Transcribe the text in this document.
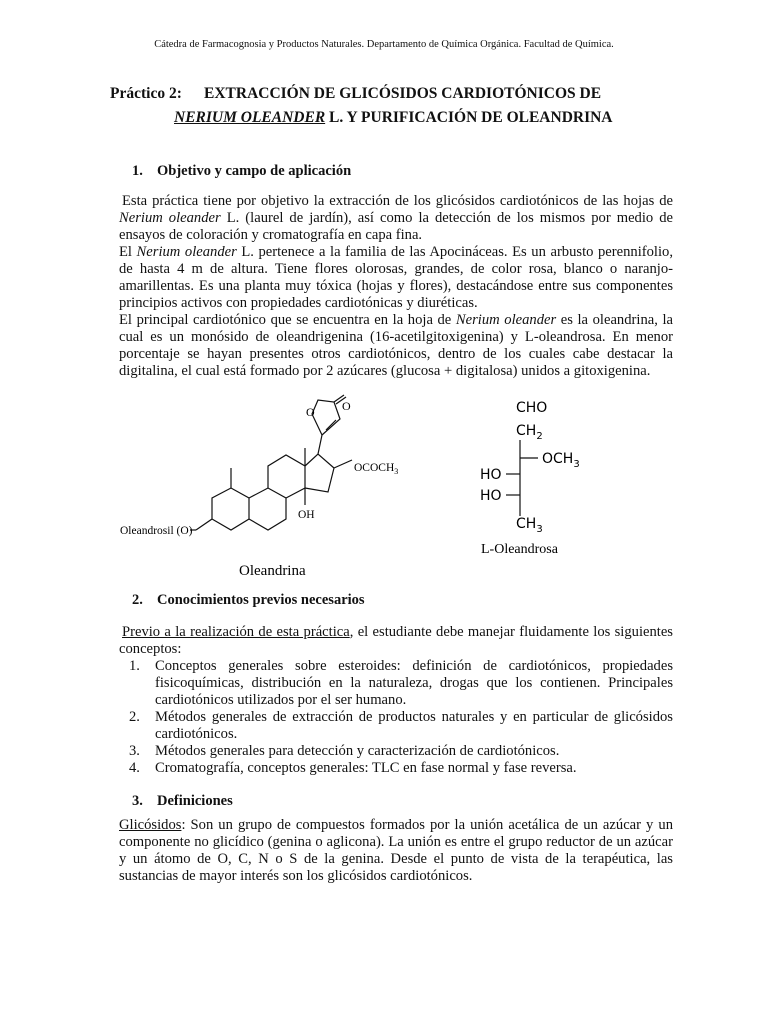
Cátedra de Farmacognosia y Productos Naturales. Departamento de Química Orgánica. Facultad de Química.
Práctico 2: EXTRACCIÓN DE GLICÓSIDOS CARDIOTÓNICOS DE
NERIUM OLEANDER L. Y PURIFICACIÓN DE OLEANDRINA
1. Objetivo y campo de aplicación

Esta práctica tiene por objetivo la extracción de los glicósidos cardiotónicos de las hojas de Nerium oleander L. (laurel de jardín), así como la detección de los mismos por medio de ensayos de coloración y cromatografía en capa fina.

El Nerium oleander L. pertenece a la familia de las Apocináceas. Es un arbusto perennifolio, de hasta 4 m de altura. Tiene flores olorosas, grandes, de color rosa, blanco o naranjo-amarillentas. Es una planta muy tóxica (hojas y flores), destacándose entre sus componentes principios activos con propiedades cardiotónicas y diuréticas.

El principal cardiotónico que se encuentra en la hoja de Nerium oleander es la oleandrina, la cual es un monósido de oleandrigenina (16-acetilgitoxigenina) y L-oleandrosa. En menor porcentaje se hayan presentes otros cardiotónicos, dentro de los cuales cabe destacar la digitalina, el cual está formado por 2 azúcares (glucosa + digitalosa) unidos a gitoxigenina.

O O
$OCOCH_3$
OH
Oleandrosil (O)
Oleandrina
CHO
$CH_2$
$OCH_3$
HO
HO
$CH_3$
L-Oleandrosa
2. Conocimientos previos necesarios

Previo a la realización de esta práctica, el estudiante debe manejar fluidamente los siguientes conceptos:

1. Conceptos generales sobre esteroides: definición de cardiotónicos, propiedades fisicoquímicas, distribución en la naturaleza, drogas que los contienen. Principales cardiotónicos utilizados por el ser humano.
2. Métodos generales de extracción de productos naturales y en particular de glicósidos cardiotónicos.
3. Métodos generales para detección y caracterización de cardiotónicos.
4. Cromatografía, conceptos generales: TLC en fase normal y fase reversa.
3. Definiciones

Glicósidos: Son un grupo de compuestos formados por la unión acetálica de un azúcar y un componente no glicídico (genina o aglicona). La unión es entre el grupo reductor de un azúcar y un átomo de O, C, N o S de la genina. Desde el punto de vista de la terapéutica, las sustancias de mayor interés son los glicósidos cardiotónicos.
